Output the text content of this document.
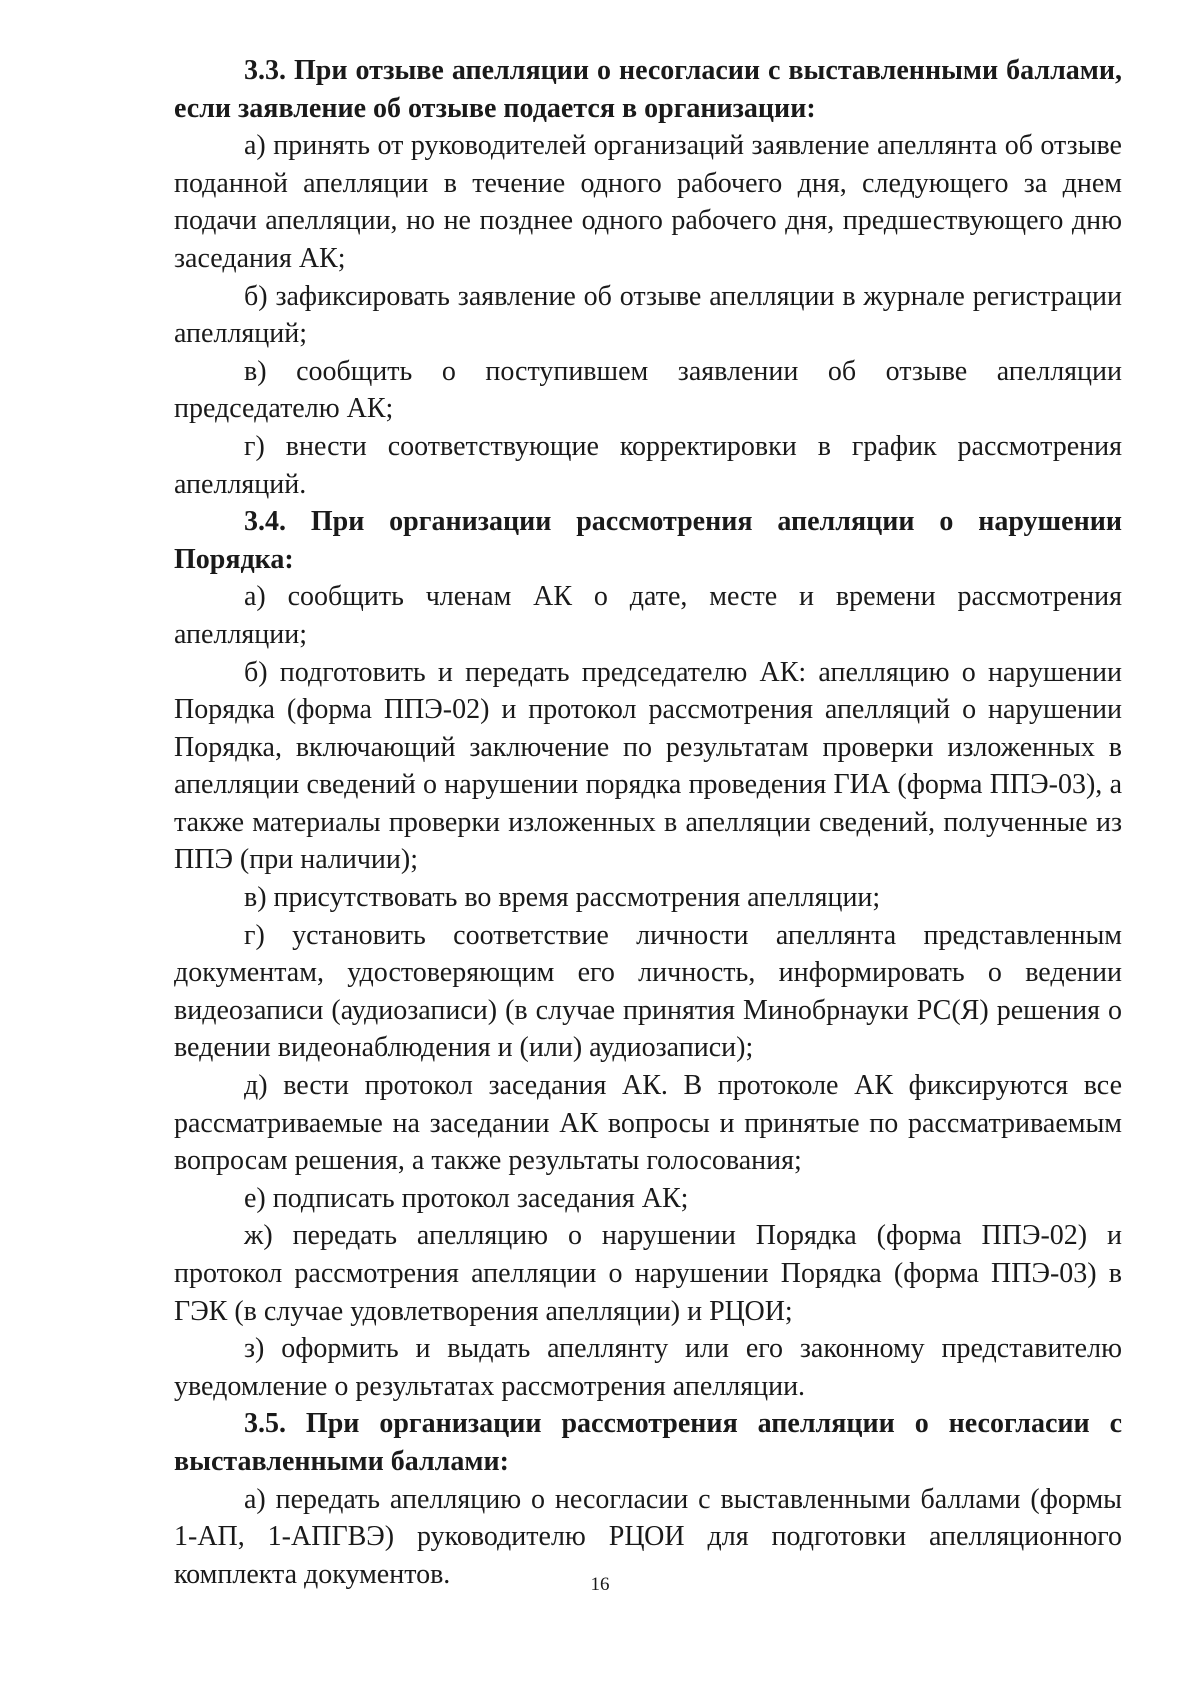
3.3. При отзыве апелляции о несогласии с выставленными баллами, если заявление об отзыве подается в организации:

а) принять от руководителей организаций заявление апеллянта об отзыве поданной апелляции в течение одного рабочего дня, следующего за днем подачи апелляции, но не позднее одного рабочего дня, предшествующего дню заседания АК;

б) зафиксировать заявление об отзыве апелляции в журнале регистрации апелляций;

в) сообщить о поступившем заявлении об отзыве апелляции председателю АК;

г) внести соответствующие корректировки в график рассмотрения апелляций.

3.4. При организации рассмотрения апелляции о нарушении Порядка:

а) сообщить членам АК о дате, месте и времени рассмотрения апелляции;

б) подготовить и передать председателю АК: апелляцию о нарушении Порядка (форма ППЭ-02) и протокол рассмотрения апелляций о нарушении Порядка, включающий заключение по результатам проверки изложенных в апелляции сведений о нарушении порядка проведения ГИА (форма ППЭ-03), а также материалы проверки изложенных в апелляции сведений, полученные из ППЭ (при наличии);

в) присутствовать во время рассмотрения апелляции;

г) установить соответствие личности апеллянта представленным документам, удостоверяющим его личность, информировать о ведении видеозаписи (аудиозаписи) (в случае принятия Минобрнауки РС(Я) решения о ведении видеонаблюдения и (или) аудиозаписи);

д) вести протокол заседания АК. В протоколе АК фиксируются все рассматриваемые на заседании АК вопросы и принятые по рассматриваемым вопросам решения, а также результаты голосования;

е) подписать протокол заседания АК;

ж) передать апелляцию о нарушении Порядка (форма ППЭ-02) и протокол рассмотрения апелляции о нарушении Порядка (форма ППЭ-03) в ГЭК (в случае удовлетворения апелляции) и РЦОИ;

з) оформить и выдать апеллянту или его законному представителю уведомление о результатах рассмотрения апелляции.

3.5. При организации рассмотрения апелляции о несогласии с выставленными баллами:

а) передать апелляцию о несогласии с выставленными баллами (формы 1-АП, 1-АПГВЭ) руководителю РЦОИ для подготовки апелляционного комплекта документов.	16
